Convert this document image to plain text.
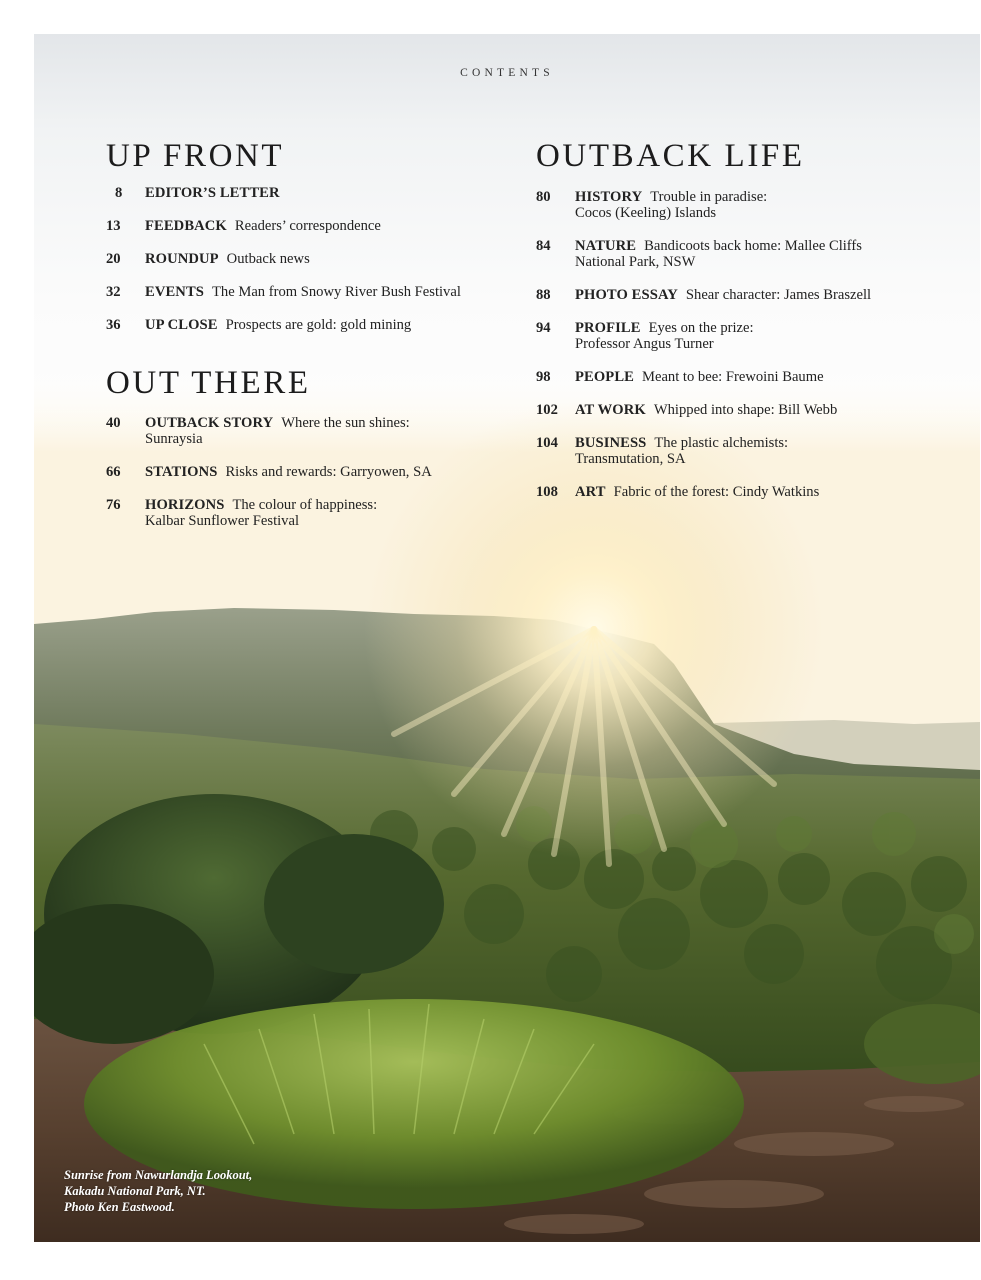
CONTENTS
UP FRONT
8	EDITOR’S LETTER
13	FEEDBACK Readers’ correspondence
20	ROUNDUP Outback news
32	EVENTS The Man from Snowy River Bush Festival
36	UP CLOSE Prospects are gold: gold mining
OUT THERE
40	OUTBACK STORY Where the sun shines:
Sunraysia
66	STATIONS Risks and rewards: Garryowen, SA
76	HORIZONS The colour of happiness:
Kalbar Sunflower Festival
OUTBACK LIFE
80	HISTORY Trouble in paradise:
Cocos (Keeling) Islands
84	NATURE Bandicoots back home: Mallee Cliffs
National Park, NSW
88	PHOTO ESSAY Shear character: James Braszell
94	PROFILE Eyes on the prize:
Professor Angus Turner
98	PEOPLE Meant to bee: Frewoini Baume
102	AT WORK Whipped into shape: Bill Webb
104	BUSINESS The plastic alchemists:
Transmutation, SA
108	ART Fabric of the forest: Cindy Watkins
Sunrise from Nawurlandja Lookout,
Kakadu National Park, NT.
Photo Ken Eastwood.
